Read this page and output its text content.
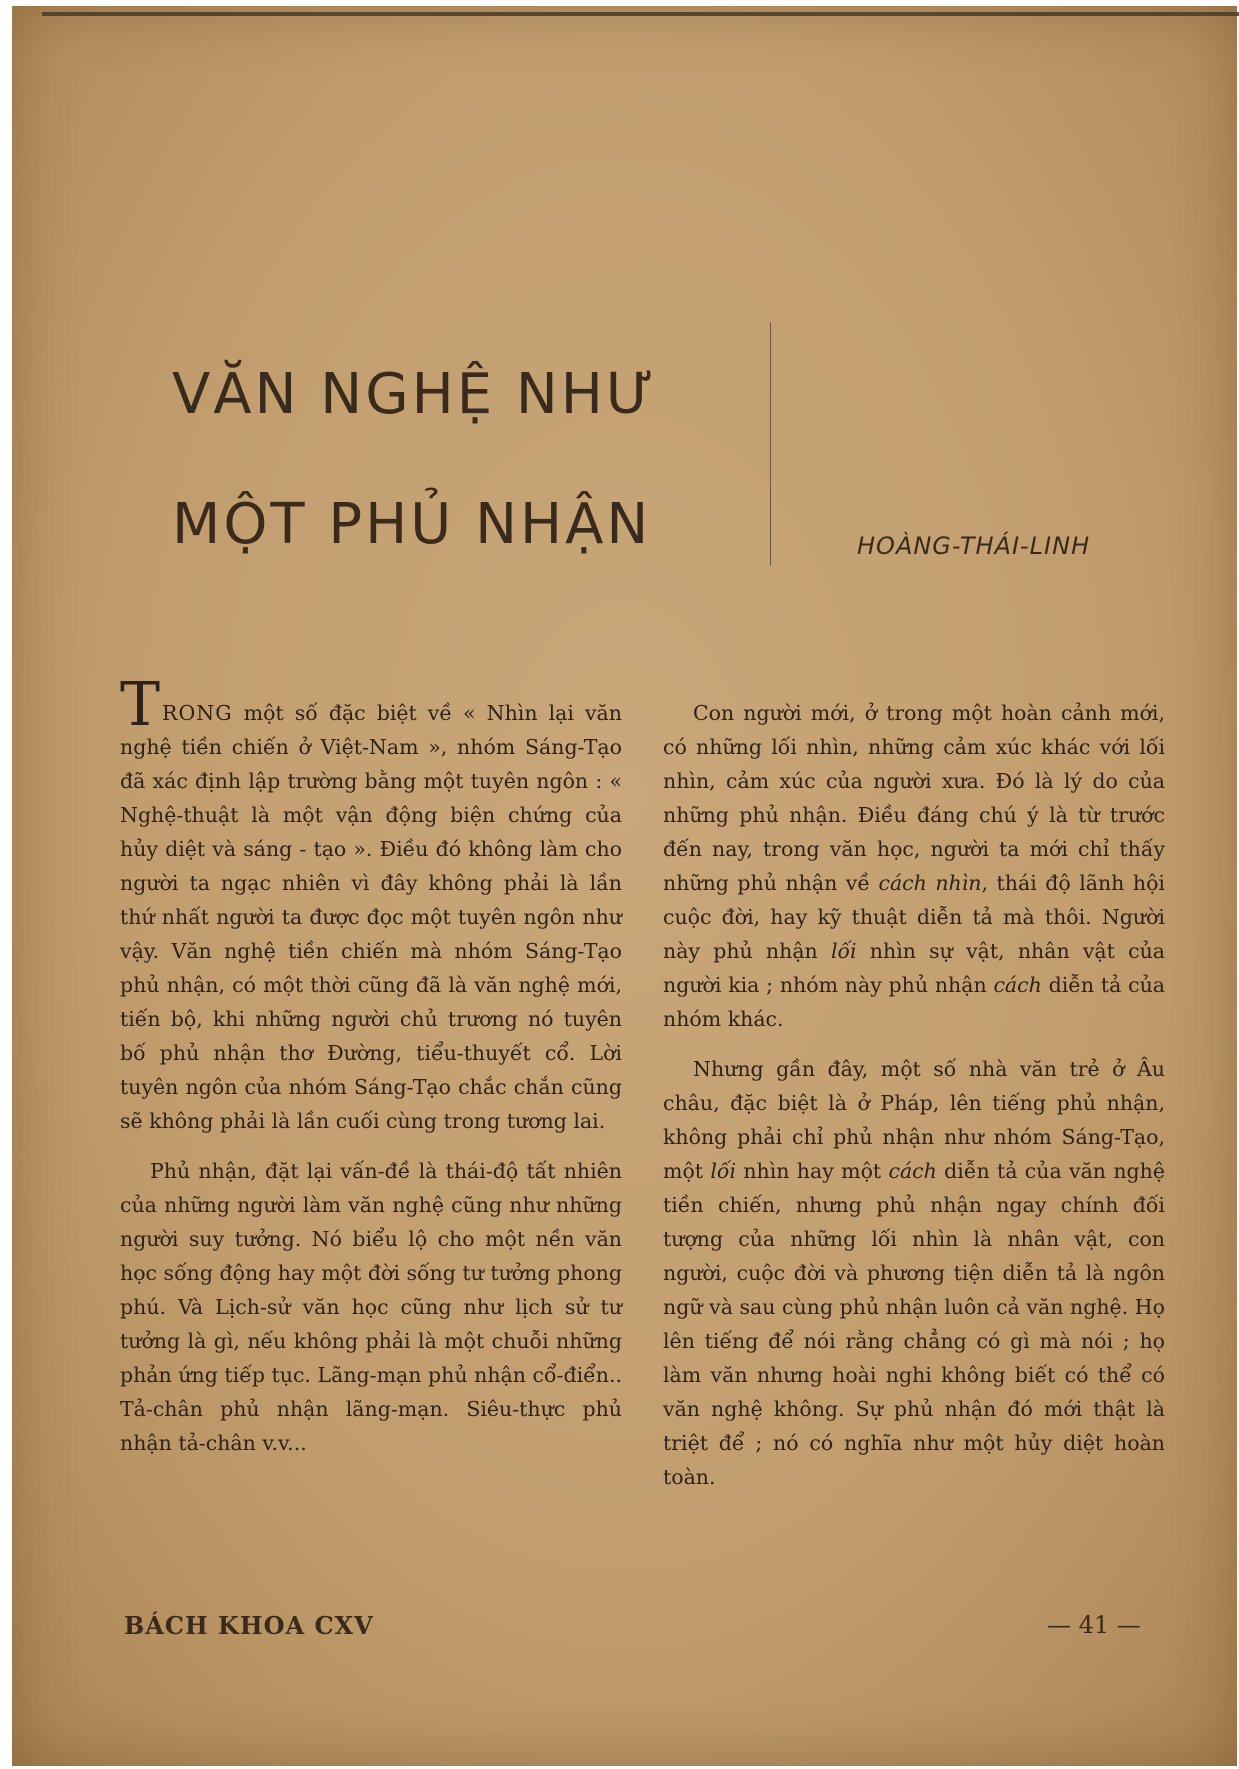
VĂN NGHỆ NHƯ
MỘT PHỦ NHẬN	HOÀNG-THÁI-LINH

TRONG một số đặc biệt về « Nhìn lại văn nghệ tiền chiến ở Việt-Nam », nhóm Sáng-Tạo đã xác định lập trường bằng một tuyên ngôn : « Nghệ-thuật là một vận động biện chứng của hủy diệt và sáng - tạo ». Điều đó không làm cho người ta ngạc nhiên vì đây không phải là lần thứ nhất người ta được đọc một tuyên ngôn như vậy. Văn nghệ tiền chiến mà nhóm Sáng-Tạo phủ nhận, có một thời cũng đã là văn nghệ mới, tiến bộ, khi những người chủ trương nó tuyên bố phủ nhận thơ Đường, tiểu-thuyết cổ. Lời tuyên ngôn của nhóm Sáng-Tạo chắc chắn cũng sẽ không phải là lần cuối cùng trong tương lai.

Phủ nhận, đặt lại vấn-đề là thái-độ tất nhiên của những người làm văn nghệ cũng như những người suy tưởng. Nó biểu lộ cho một nền văn học sống động hay một đời sống tư tưởng phong phú. Và Lịch-sử văn học cũng như lịch sử tư tưởng là gì, nếu không phải là một chuỗi những phản ứng tiếp tục. Lãng-mạn phủ nhận cổ-điển.. Tả-chân phủ nhận lãng-mạn. Siêu-thực phủ nhận tả-chân v.v...

Con người mới, ở trong một hoàn cảnh mới, có những lối nhìn, những cảm xúc khác với lối nhìn, cảm xúc của người xưa. Đó là lý do của những phủ nhận. Điều đáng chú ý là từ trước đến nay, trong văn học, người ta mới chỉ thấy những phủ nhận về cách nhìn, thái độ lãnh hội cuộc đời, hay kỹ thuật diễn tả mà thôi. Người này phủ nhận lối nhìn sự vật, nhân vật của người kia ; nhóm này phủ nhận cách diễn tả của nhóm khác.

Nhưng gần đây, một số nhà văn trẻ ở Âu châu, đặc biệt là ở Pháp, lên tiếng phủ nhận, không phải chỉ phủ nhận như nhóm Sáng-Tạo, một lối nhìn hay một cách diễn tả của văn nghệ tiền chiến, nhưng phủ nhận ngay chính đối tượng của những lối nhìn là nhân vật, con người, cuộc đời và phương tiện diễn tả là ngôn ngữ và sau cùng phủ nhận luôn cả văn nghệ. Họ lên tiếng để nói rằng chẳng có gì mà nói ; họ làm văn nhưng hoài nghi không biết có thể có văn nghệ không. Sự phủ nhận đó mới thật là triệt để ; nó có nghĩa như một hủy diệt hoàn toàn.

BÁCH KHOA CXV	— 41 —
